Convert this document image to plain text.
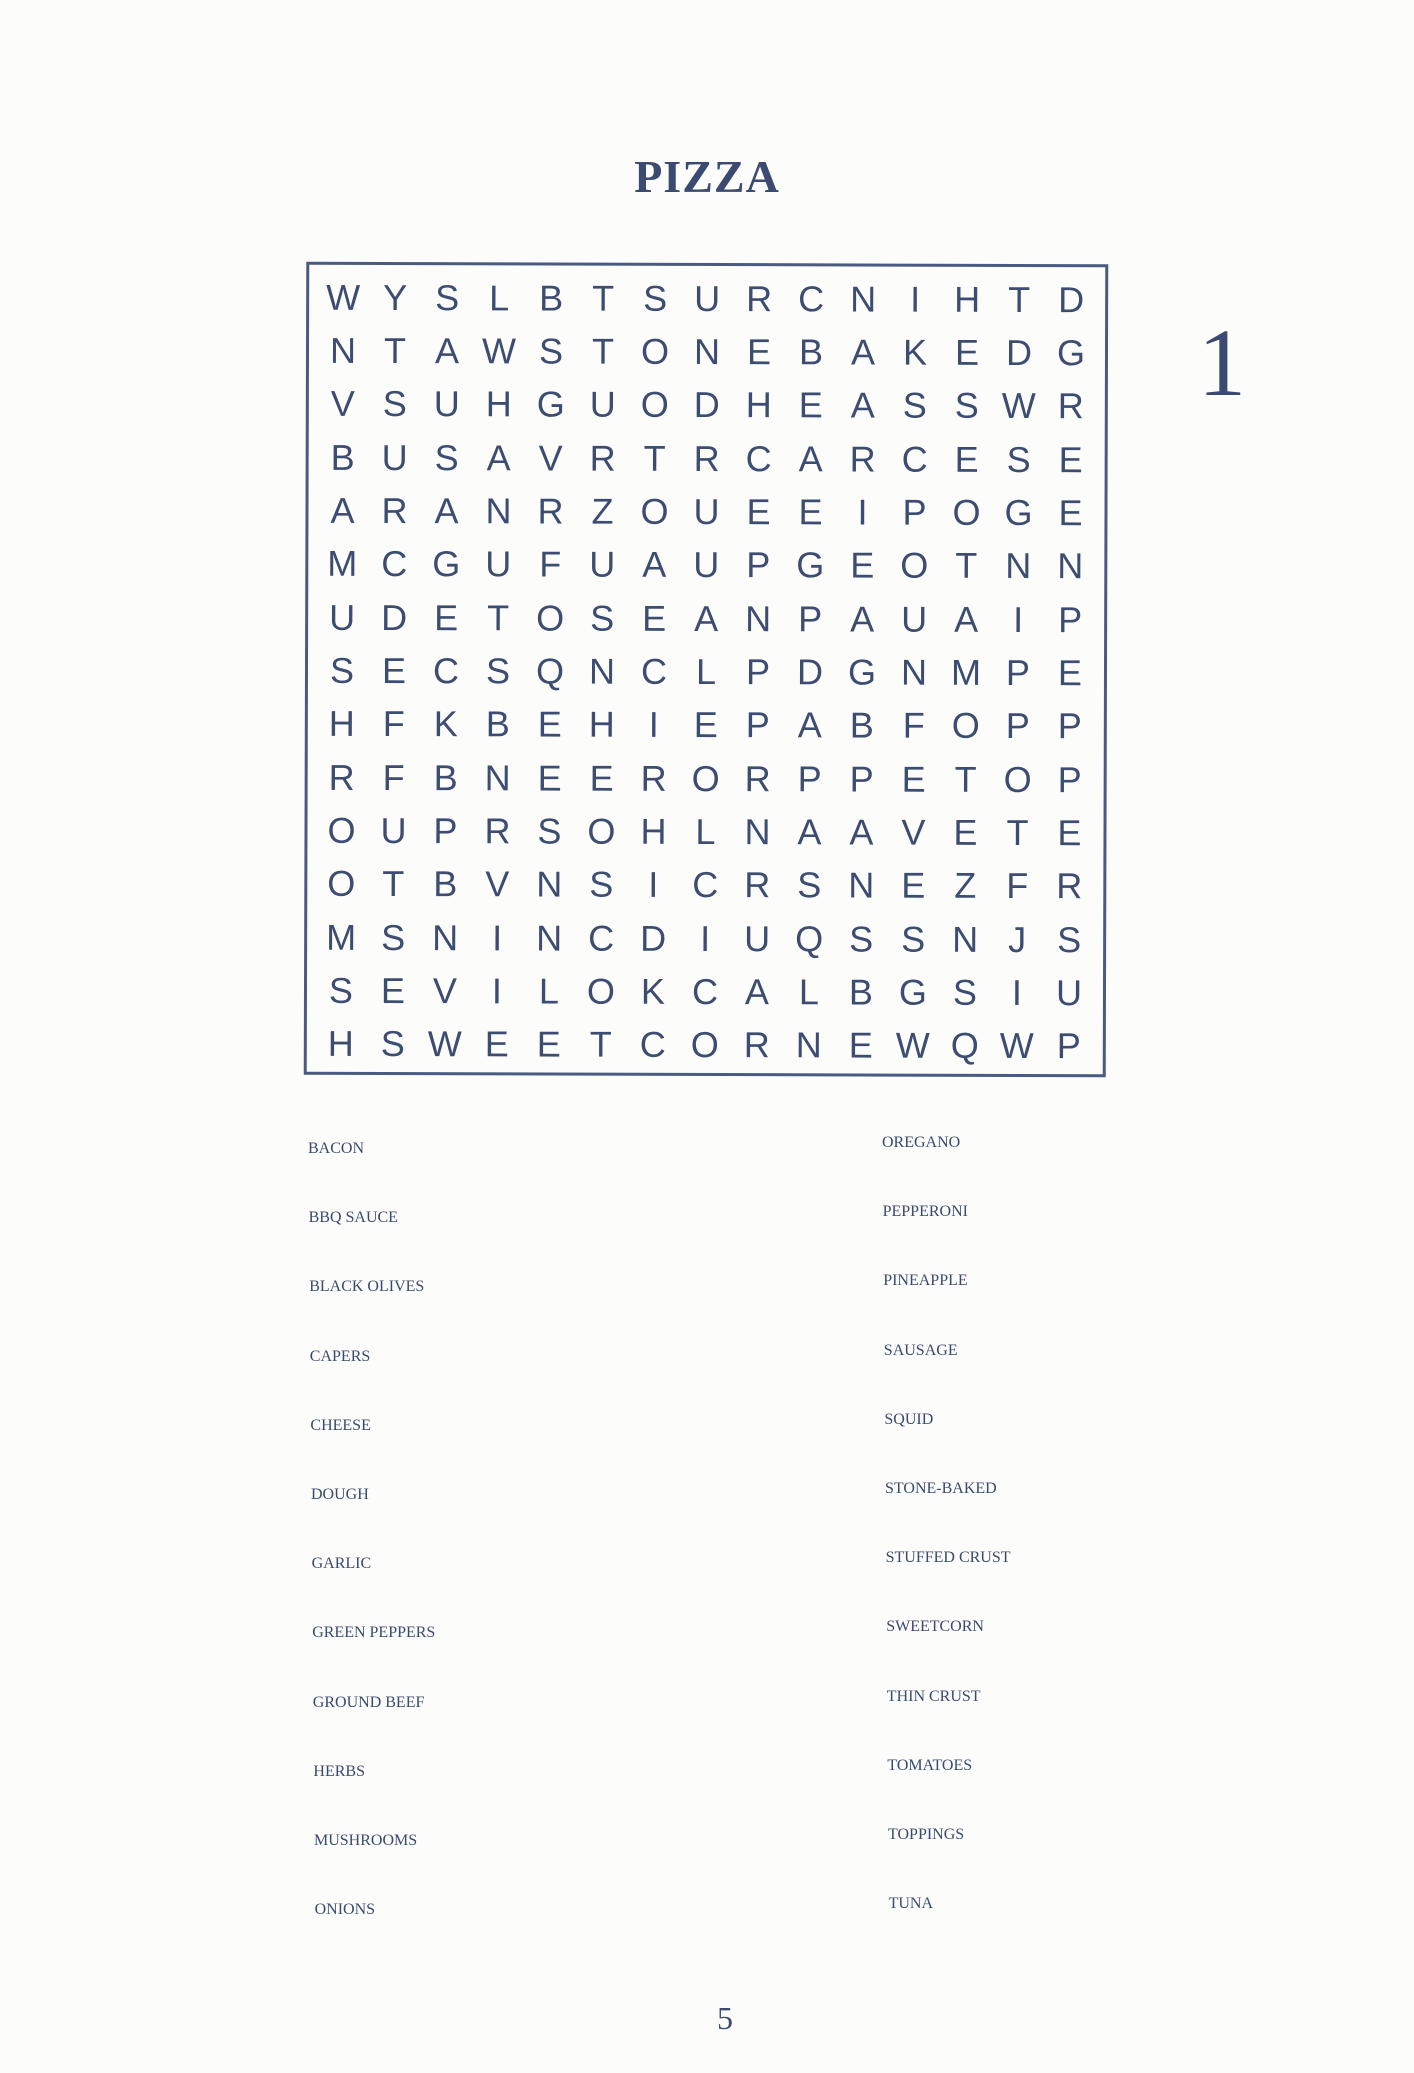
PIZZA
1
W Y S L B T S U R C N I H T D
N T A W S T O N E B A K E D G
V S U H G U O D H E A S S W R
B U S A V R T R C A R C E S E
A R A N R Z O U E E I P O G E
M C G U F U A U P G E O T N N
U D E T O S E A N P A U A I P
S E C S Q N C L P D G N M P E
H F K B E H I E P A B F O P P
R F B N E E R O R P P E T O P
O U P R S O H L N A A V E T E
O T B V N S I C R S N E Z F R
M S N I N C D I U Q S S N J S
S E V I	L O K C A L B G S I U
H S W E E T C O R N E W Q W P
5
BACON
BBQ SAUCE
BLACK OLIVES
CAPERS
CHEESE
DOUGH
GARLIC
GREEN PEPPERS
GROUND BEEF
HERBS
MUSHROOMS
ONIONS
OREGANO
PEPPERONI
PINEAPPLE
SAUSAGE
SQUID
STONE-BAKED
STUFFED CRUST
SWEETCORN
THIN CRUST
TOMATOES
TOPPINGS
TUNA
